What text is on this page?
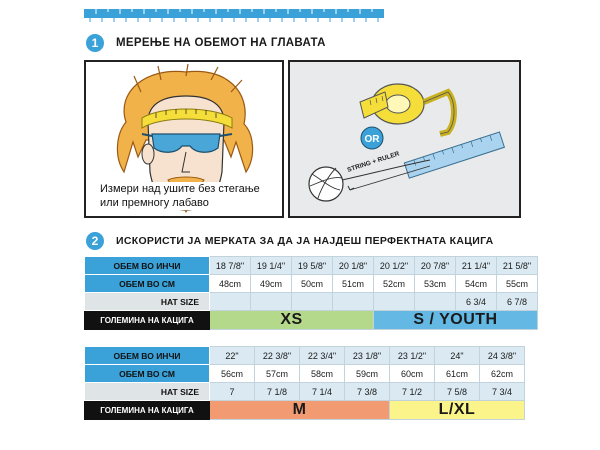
1	МЕРЕЊЕ НА ОБЕМОТ НА ГЛАВАТА
Измери над ушите без стегање
или премногу лабаво
OR
STRING + RULER
2	ИСКОРИСТИ ЈА МЕРКАТА ЗА ДА ЈА НАЈДЕШ ПЕРФЕКТНАТА КАЦИГА
ОБЕМ ВО ИНЧИ	18 7/8"	19 1/4"	19 5/8"	20 1/8"	20 1/2"	20 7/8"	21 1/4"	21 5/8"
ОБЕМ ВО СМ	48cm	49cm	50cm	51cm	52cm	53cm	54cm	55cm
HAT SIZE							6 3/4	6 7/8
ГОЛЕМИНА НА КАЦИГА	XS				S / YOUTH			
ОБЕМ ВО ИНЧИ	22"	22 3/8"	22 3/4"	23 1/8"	23 1/2"	24"	24 3/8"
ОБЕМ ВО СМ	56cm	57cm	58cm	59cm	60cm	61cm	62cm
HAT SIZE	7	7 1/8	7 1/4	7 3/8	7 1/2	7 5/8	7 3/4
ГОЛЕМИНА НА КАЦИГА	M				L/XL		
